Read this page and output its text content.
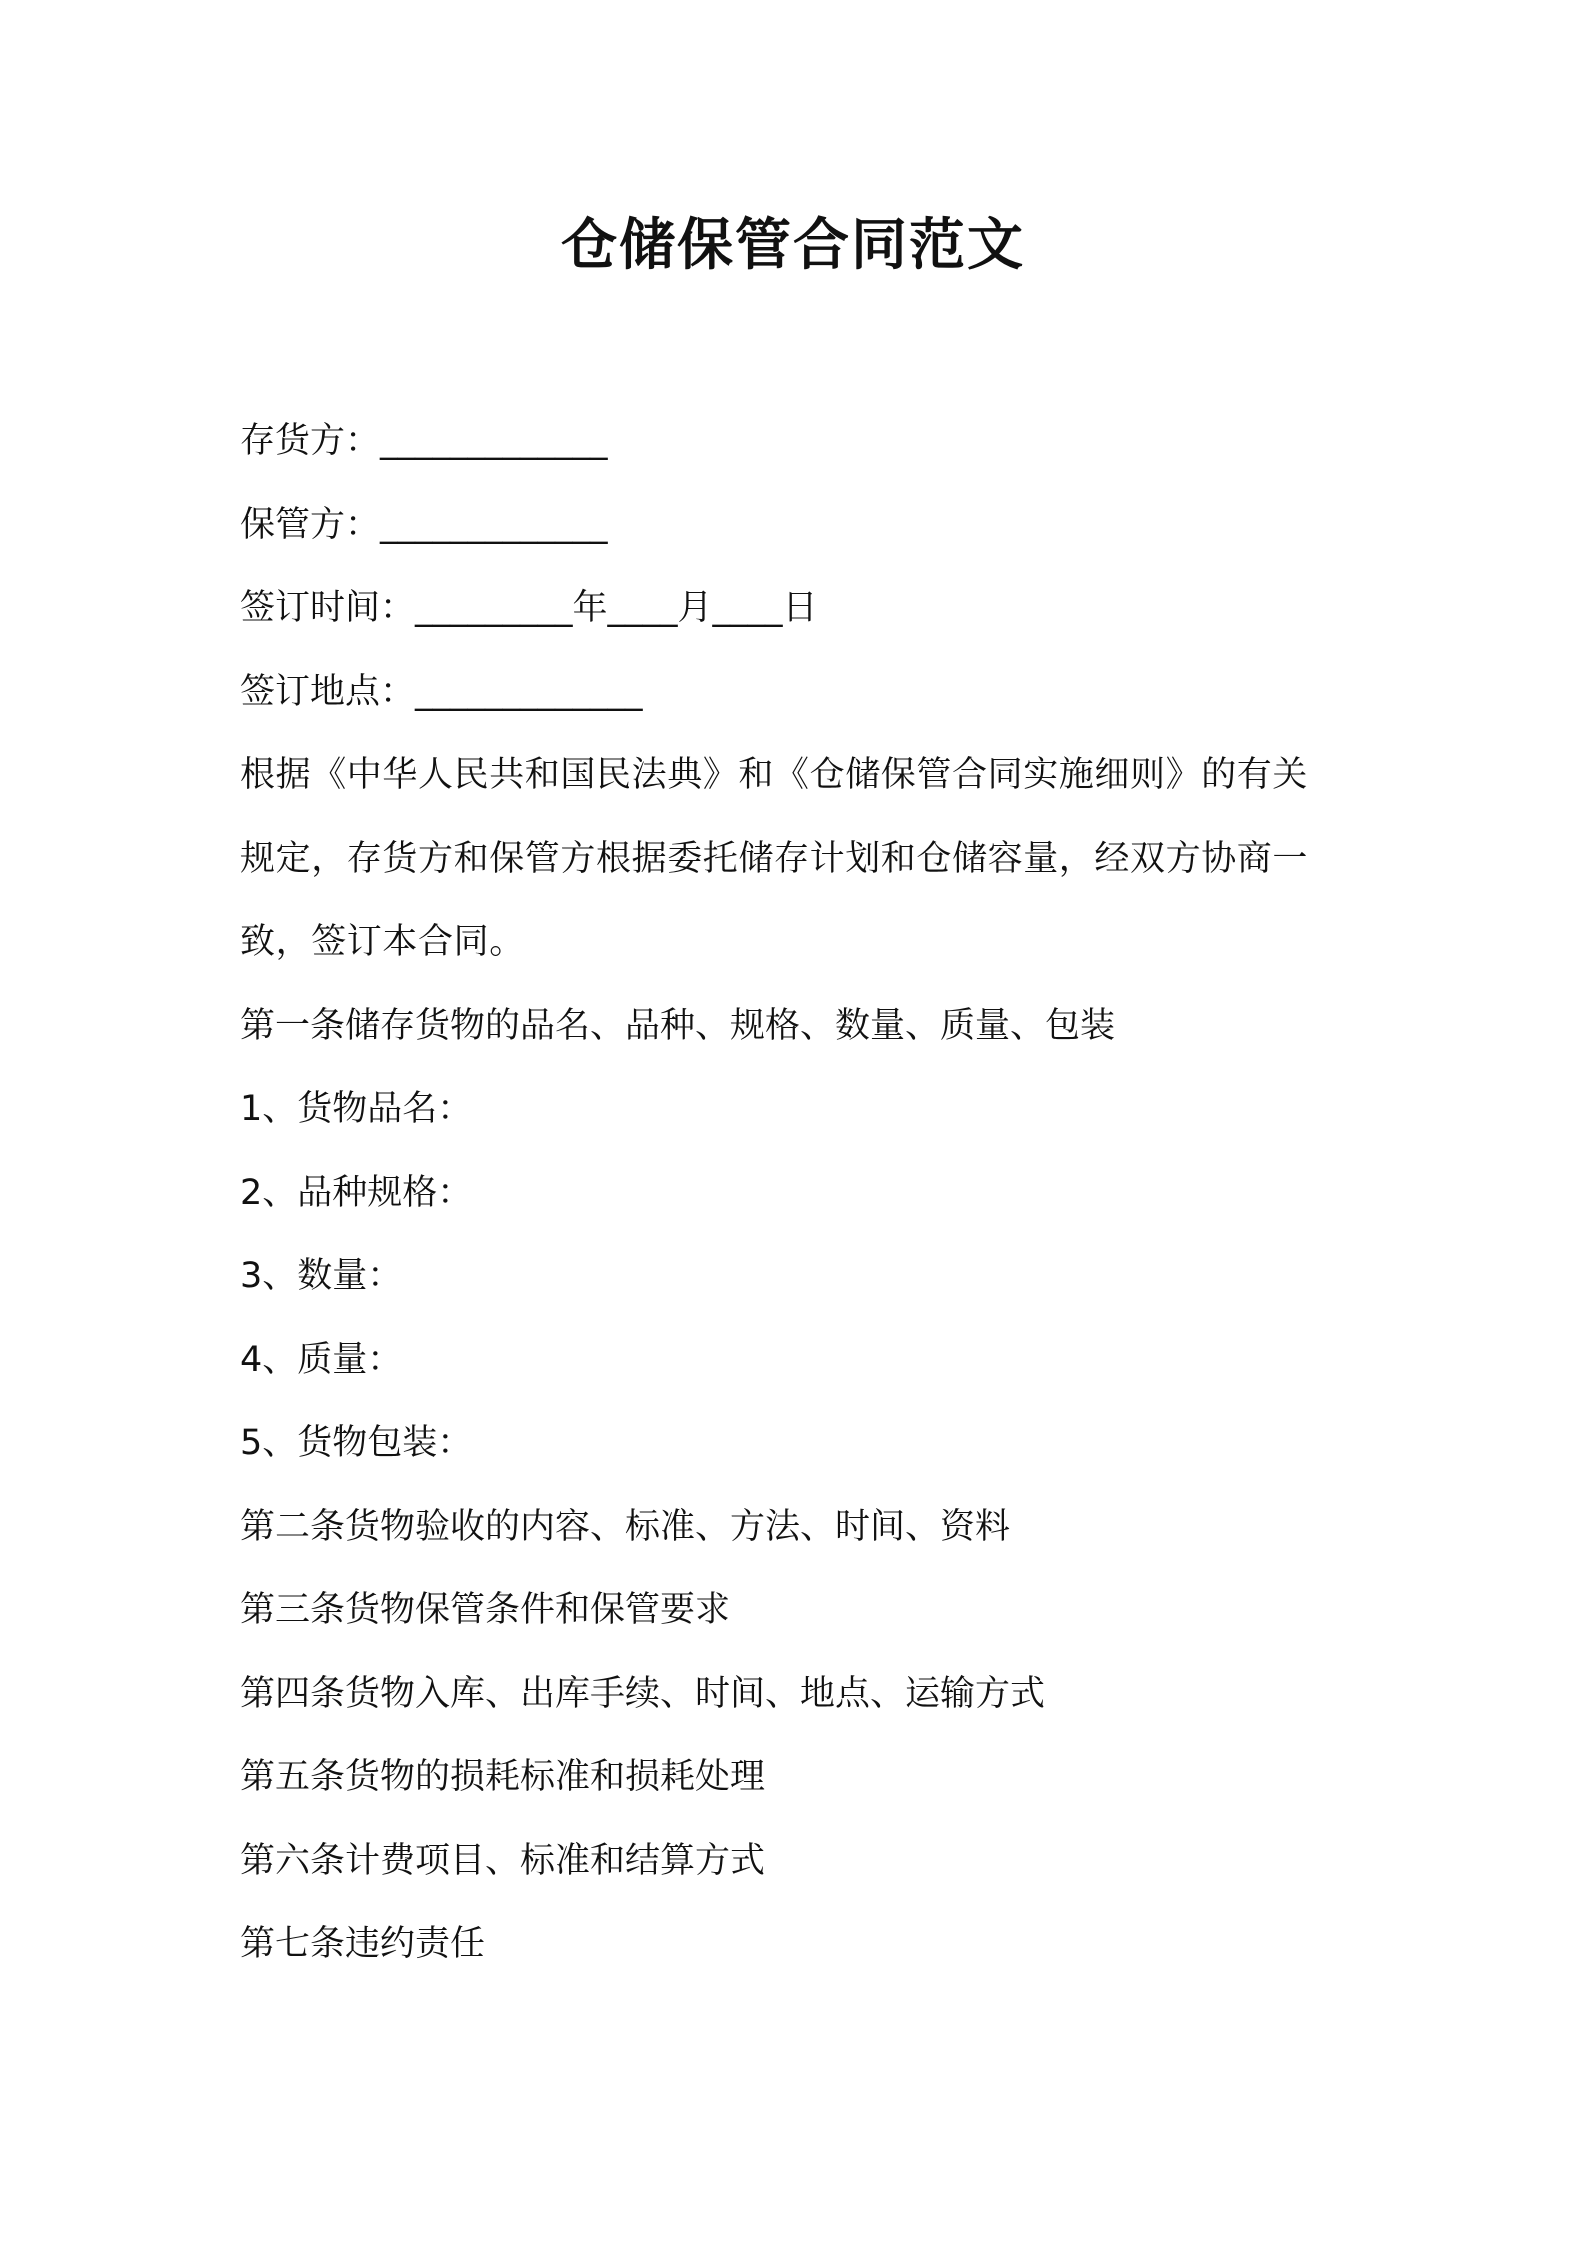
仓储保管合同范文
存货方：_____________
保管方：_____________
签订时间：_________年____月____日
签订地点：_____________
根据《中华人民共和国民法典》和《仓储保管合同实施细则》的有关
规定，存货方和保管方根据委托储存计划和仓储容量，经双方协商一
致，签订本合同。
第一条储存货物的品名、品种、规格、数量、质量、包装
1、货物品名：
2、品种规格：
3、数量：
4、质量：
5、货物包装：
第二条货物验收的内容、标准、方法、时间、资料
第三条货物保管条件和保管要求
第四条货物入库、出库手续、时间、地点、运输方式
第五条货物的损耗标准和损耗处理
第六条计费项目、标准和结算方式
第七条违约责任
